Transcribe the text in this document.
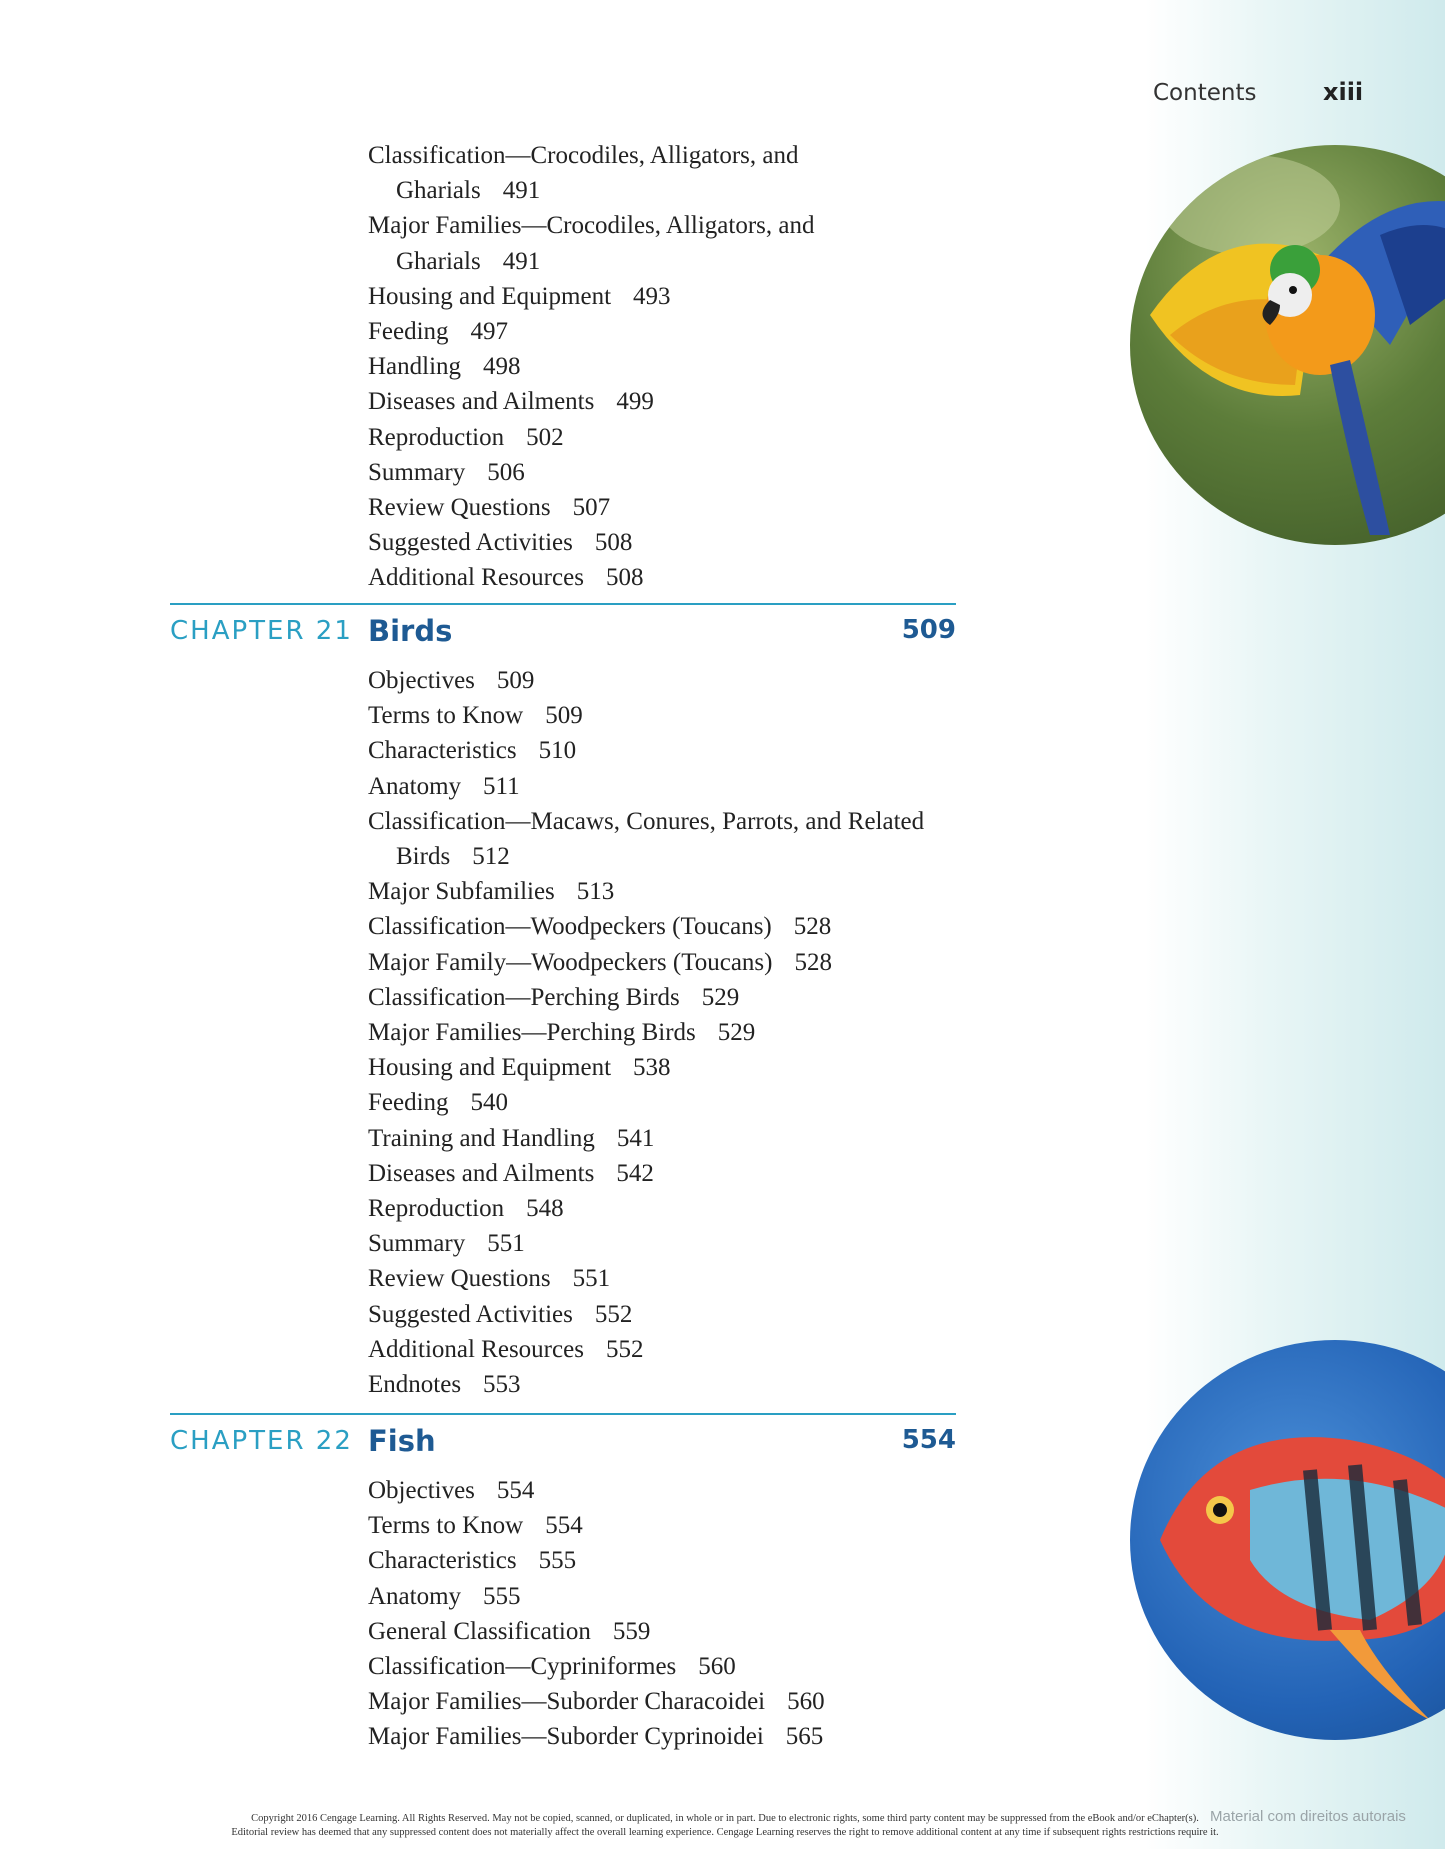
Contents	xiii
Classification—Crocodiles, Alligators, and
Gharials 491
Major Families—Crocodiles, Alligators, and
Gharials 491
Housing and Equipment 493
Feeding 497
Handling 498
Diseases and Ailments 499
Reproduction 502
Summary 506
Review Questions 507
Suggested Activities 508
Additional Resources 508
CHAPTER 21 Birds	509
Objectives 509
Terms to Know 509
Characteristics 510
Anatomy 511
Classification—Macaws, Conures, Parrots, and Related
Birds 512
Major Subfamilies 513
Classification—Woodpeckers (Toucans) 528
Major Family—Woodpeckers (Toucans) 528
Classification—Perching Birds 529
Major Families—Perching Birds 529
Housing and Equipment 538
Feeding 540
Training and Handling 541
Diseases and Ailments 542
Reproduction 548
Summary 551
Review Questions 551
Suggested Activities 552
Additional Resources 552
Endnotes 553
CHAPTER 22 Fish	554
Objectives 554
Terms to Know 554
Characteristics 555
Anatomy 555
General Classification 559
Classification—Cypriniformes 560
Major Families—Suborder Characoidei 560
Major Families—Suborder Cyprinoidei 565
Copyright 2016 Cengage Learning. All Rights Reserved. May not be copied, scanned, or duplicated, in whole or in part. Due to electronic rights, some third party content may be suppressed from the eBook and/or eChapter(s).
Editorial review has deemed that any suppressed content does not materially affect the overall learning experience. Cengage Learning reserves the right to remove additional content at any time if subsequent rights restrictions require it.
Material com direitos autorais
